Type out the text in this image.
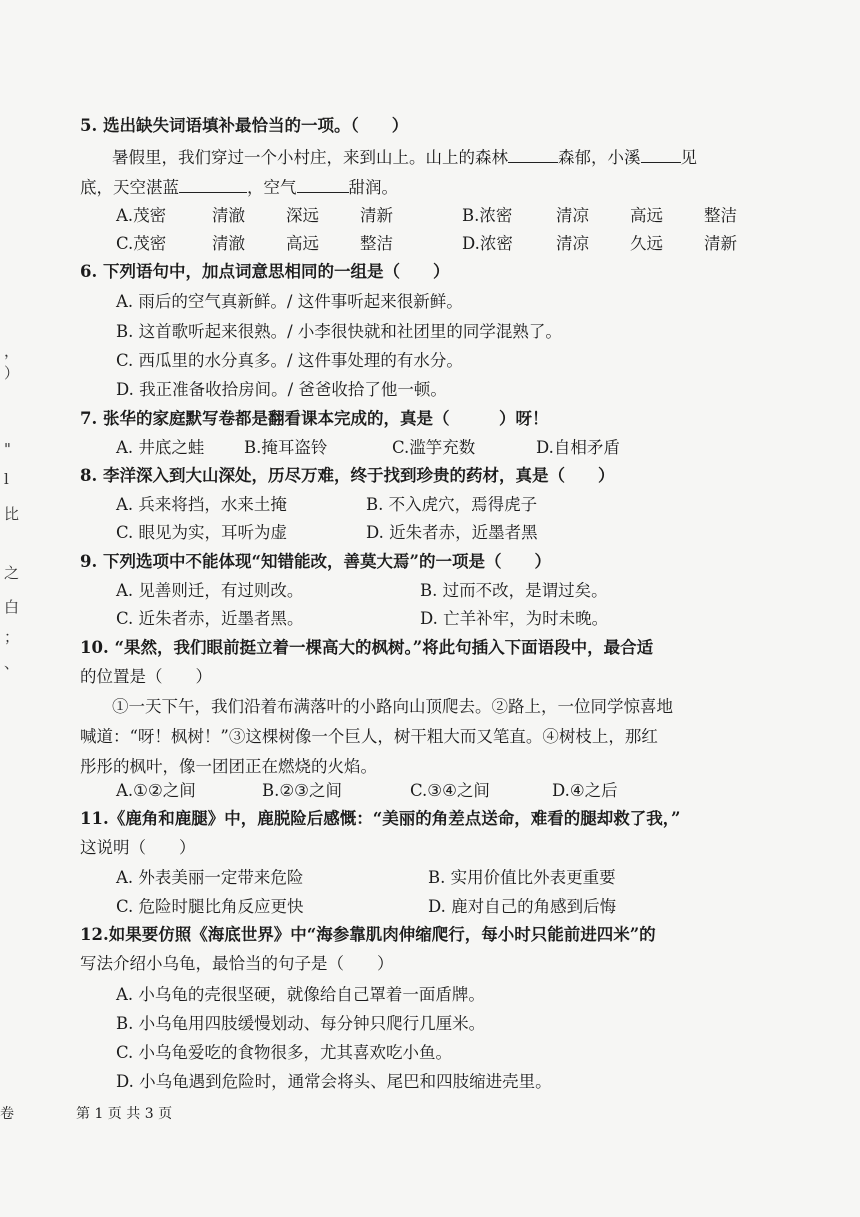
，
）
"
l
比
之
白
；
、
5. 选出缺失词语填补最恰当的一项。（　　）
暑假里，我们穿过一个小村庄，来到山上。山上的森林	森郁，小溪 见
底，天空湛蓝	，空气	甜润。
A.茂密	清澈 深远 清新	B.浓密	清凉 高远 整洁
C.茂密	清澈 高远 整洁	D.浓密	清凉 久远 清新
6. 下列语句中，加点词意思相同的一组是（　　）
A. 雨后的空气真新鲜。/ 这件事听起来很新鲜。
B. 这首歌听起来很熟。/ 小李很快就和社团里的同学混熟了。
C. 西瓜里的水分真多。/ 这件事处理的有水分。
D. 我正准备收拾房间。/ 爸爸收拾了他一顿。
7. 张华的家庭默写卷都是翻看课本完成的，真是（　　　）呀！
A. 井底之蛙 B.掩耳盗铃	C.滥竽充数	D.自相矛盾
8. 李洋深入到大山深处，历尽万难，终于找到珍贵的药材，真是（　　）
A. 兵来将挡，水来土掩	B. 不入虎穴，焉得虎子
C. 眼见为实，耳听为虚	D. 近朱者赤，近墨者黑
9. 下列选项中不能体现“知错能改，善莫大焉”的一项是（　　）
A. 见善则迁，有过则改。	B. 过而不改，是谓过矣。
C. 近朱者赤，近墨者黑。	D. 亡羊补牢，为时未晚。
10. “果然，我们眼前挺立着一棵高大的枫树。”将此句插入下面语段中，最合适
的位置是（　　）
①一天下午，我们沿着布满落叶的小路向山顶爬去。②路上，一位同学惊喜地
喊道：“呀！枫树！”③这棵树像一个巨人，树干粗大而又笔直。④树枝上，那红
彤彤的枫叶，像一团团正在燃烧的火焰。
A.①②之间	B.②③之间	C.③④之间	D.④之后
11.《鹿角和鹿腿》中，鹿脱险后感慨：“美丽的角差点送命，难看的腿却救了我，”
这说明（　　）
A. 外表美丽一定带来危险	B. 实用价值比外表更重要
C. 危险时腿比角反应更快	D. 鹿对自己的角感到后悔
12.如果要仿照《海底世界》中“海参靠肌肉伸缩爬行，每小时只能前进四米”的
写法介绍小乌龟，最恰当的句子是（　　）
A. 小乌龟的壳很坚硬，就像给自己罩着一面盾牌。
B. 小乌龟用四肢缓慢划动、每分钟只爬行几厘米。
C. 小乌龟爱吃的食物很多，尤其喜欢吃小鱼。
D. 小乌龟遇到危险时，通常会将头、尾巴和四肢缩进壳里。
卷	第 1 页 共 3 页
